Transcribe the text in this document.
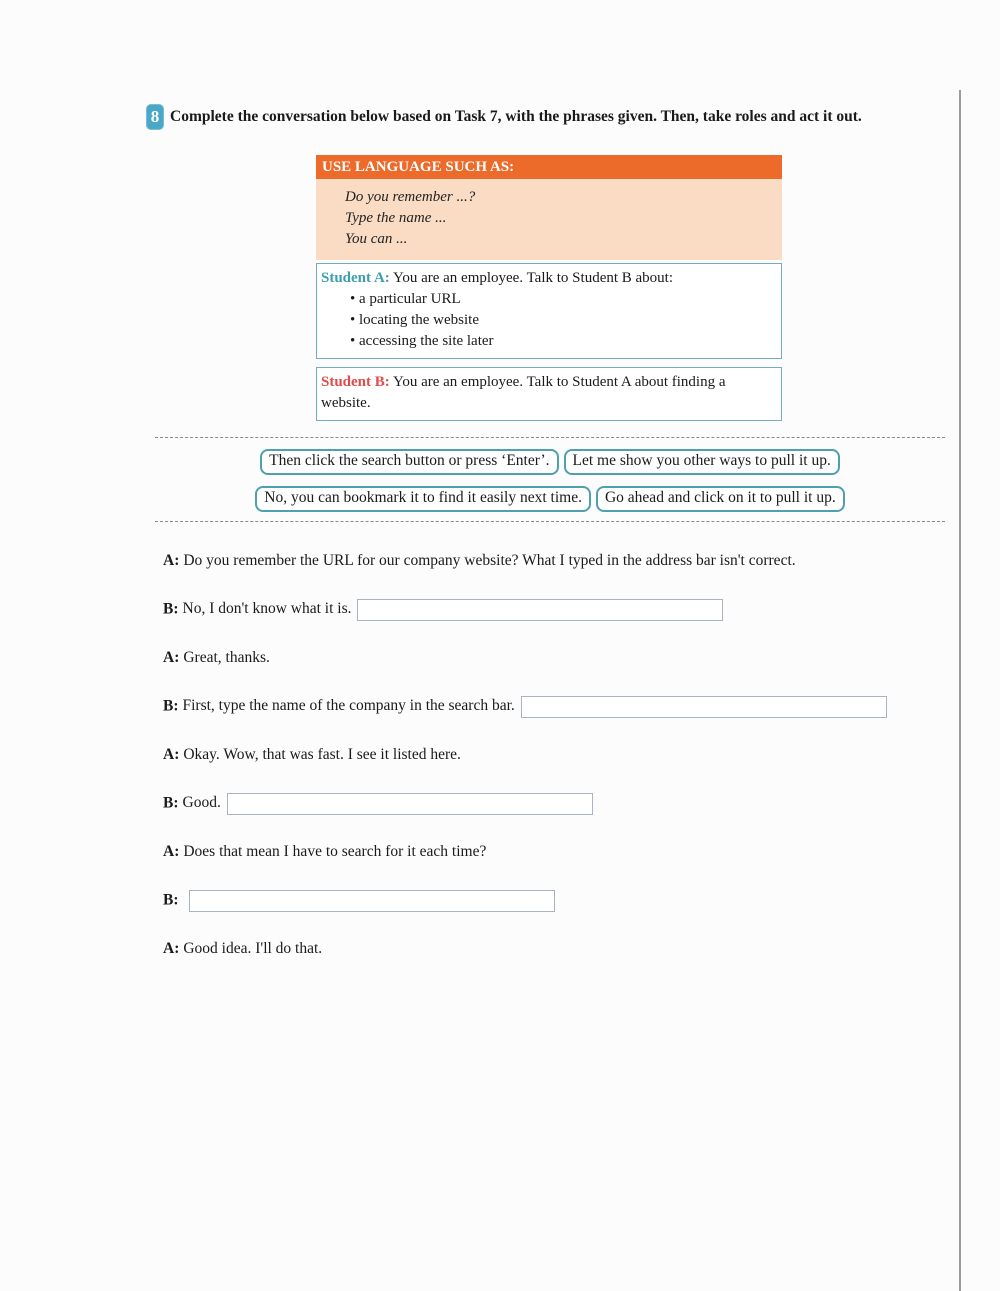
8 Complete the conversation below based on Task 7, with the phrases given. Then, take roles and act it out.
USE LANGUAGE SUCH AS:
Do you remember ...?
Type the name ...
You can ...
Student A: You are an employee. Talk to Student B about:
• a particular URL
• locating the website
• accessing the site later
Student B: You are an employee. Talk to Student A about finding a website.
Then click the search button or press ‘Enter’.	Let me show you other ways to pull it up.
No, you can bookmark it to find it easily next time.	Go ahead and click on it to pull it up.
A: Do you remember the URL for our company website? What I typed in the address bar isn't correct.
B: No, I don't know what it is.
A: Great, thanks.
B: First, type the name of the company in the search bar.
A: Okay. Wow, that was fast. I see it listed here.
B: Good.
A: Does that mean I have to search for it each time?
B:
A: Good idea. I'll do that.
